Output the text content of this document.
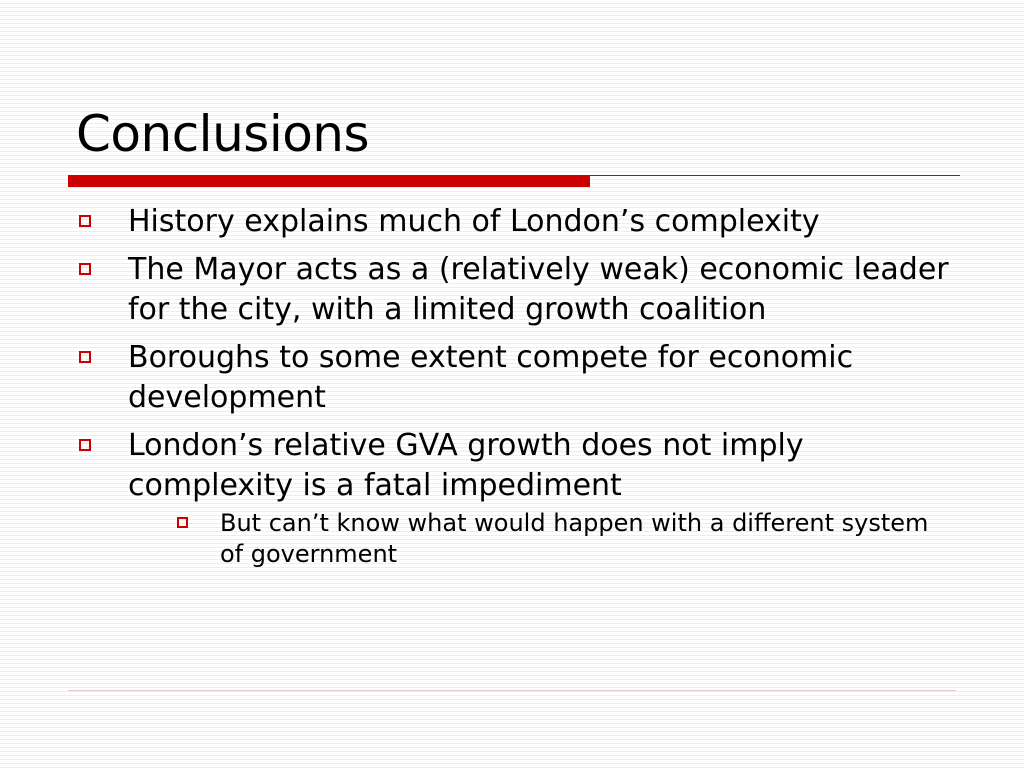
Conclusions
History explains much of London’s complexity
The Mayor acts as a (relatively weak) economic leader for the city, with a limited growth coalition
Boroughs to some extent compete for economic development
London’s relative GVA growth does not imply complexity is a fatal impediment
But can’t know what would happen with a different system of government
